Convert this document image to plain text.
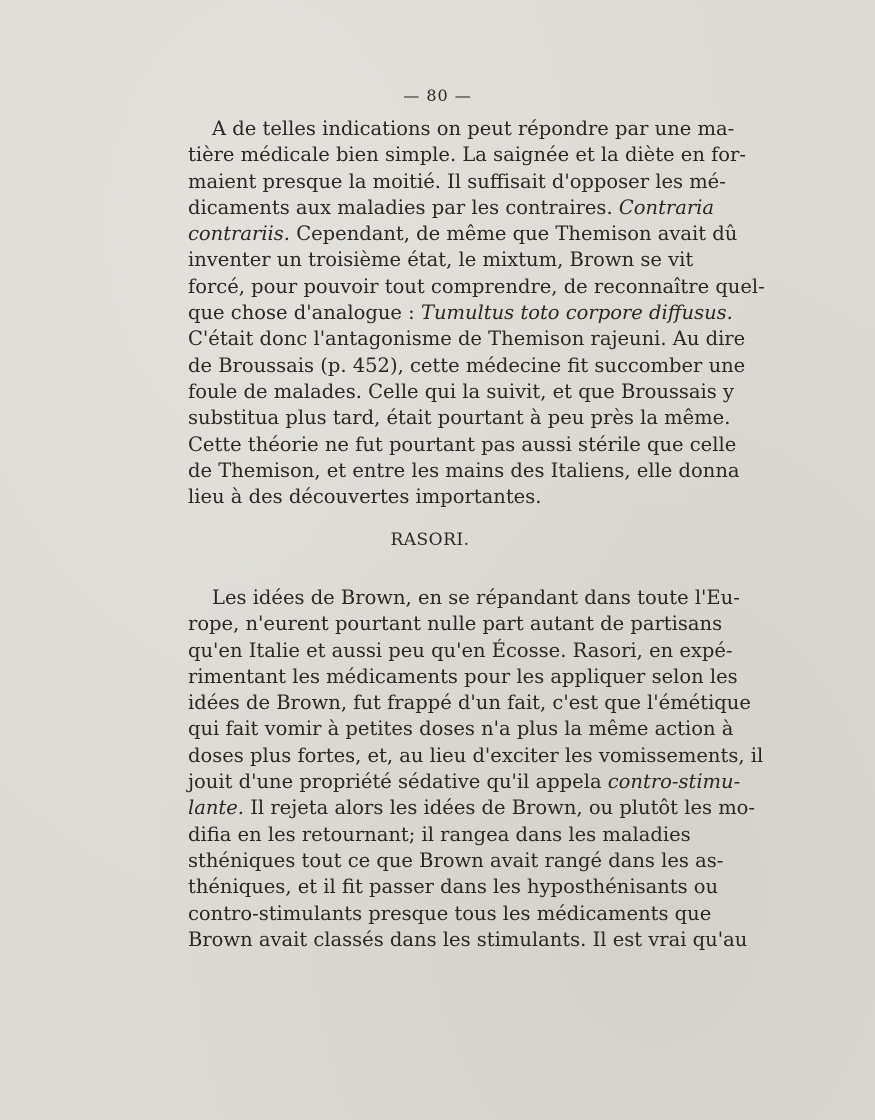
— 80 —
A de telles indications on peut répondre par une ma-
tière médicale bien simple. La saignée et la diète en for-
maient presque la moitié. Il suffisait d'opposer les mé-
dicaments aux maladies par les contraires. Contraria
contrariis. Cependant, de même que Themison avait dû
inventer un troisième état, le mixtum, Brown se vit
forcé, pour pouvoir tout comprendre, de reconnaître quel-
que chose d'analogue : Tumultus toto corpore diffusus.
C'était donc l'antagonisme de Themison rajeuni. Au dire
de Broussais (p. 452), cette médecine fit succomber une
foule de malades. Celle qui la suivit, et que Broussais y
substitua plus tard, était pourtant à peu près la même.
Cette théorie ne fut pourtant pas aussi stérile que celle
de Themison, et entre les mains des Italiens, elle donna
lieu à des découvertes importantes.
RASORI.
Les idées de Brown, en se répandant dans toute l'Eu-
rope, n'eurent pourtant nulle part autant de partisans
qu'en Italie et aussi peu qu'en Écosse. Rasori, en expé-
rimentant les médicaments pour les appliquer selon les
idées de Brown, fut frappé d'un fait, c'est que l'émétique
qui fait vomir à petites doses n'a plus la même action à
doses plus fortes, et, au lieu d'exciter les vomissements, il
jouit d'une propriété sédative qu'il appela contro-stimu-
lante. Il rejeta alors les idées de Brown, ou plutôt les mo-
difia en les retournant; il rangea dans les maladies
sthéniques tout ce que Brown avait rangé dans les as-
théniques, et il fit passer dans les hyposthénisants ou
contro-stimulants presque tous les médicaments que
Brown avait classés dans les stimulants. Il est vrai qu'au
